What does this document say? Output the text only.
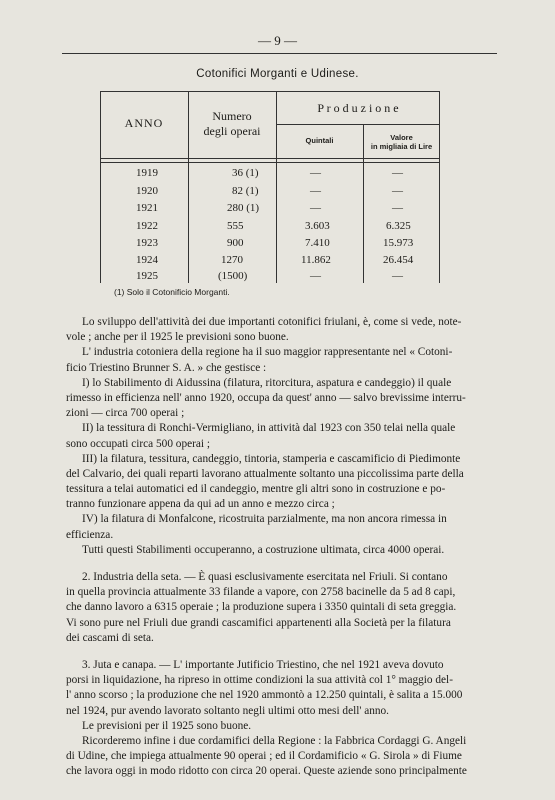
— 9 —
Cotonifici Morganti e Udinese.
ANNO	Numero
degli operai
P r o d u z i o n e
Quintali	Valore
in migliaia di Lire
1919	36 (1)	—	—
1920	82 (1)	—	—
1921	280 (1)	—	—
1922	555	3.603	6.325
1923	900	7.410	15.973
1924	1270	11.862	26.454
1925	(1500)	—	—
(1) Solo il Cotonificio Morganti.
Lo sviluppo dell'attività dei due importanti cotonifici friulani, è, come si vede, note-
vole ; anche per il 1925 le previsioni sono buone.
L' industria cotoniera della regione ha il suo maggior rappresentante nel « Cotoni-
ficio Triestino Brunner S. A. » che gestisce :
I) lo Stabilimento di Aidussina (filatura, ritorcitura, aspatura e candeggio) il quale
rimesso in efficienza nell' anno 1920, occupa da quest' anno — salvo brevissime interru-
zioni — circa 700 operai ;
II) la tessitura di Ronchi-Vermigliano, in attività dal 1923 con 350 telai nella quale
sono occupati circa 500 operai ;
III) la filatura, tessitura, candeggio, tintoria, stamperia e cascamificio di Piedimonte
del Calvario, dei quali reparti lavorano attualmente soltanto una piccolissima parte della
tessitura a telai automatici ed il candeggio, mentre gli altri sono in costruzione e po-
tranno funzionare appena da qui ad un anno e mezzo circa ;
IV) la filatura di Monfalcone, ricostruita parzialmente, ma non ancora rimessa in
efficienza.
Tutti questi Stabilimenti occuperanno, a costruzione ultimata, circa 4000 operai.
2. Industria della seta. — È quasi esclusivamente esercitata nel Friuli. Si contano
in quella provincia attualmente 33 filande a vapore, con 2758 bacinelle da 5 ad 8 capi,
che danno lavoro a 6315 operaie ; la produzione supera i 3350 quintali di seta greggia.
Vi sono pure nel Friuli due grandi cascamifici appartenenti alla Società per la filatura
dei cascami di seta.
3. Juta e canapa. — L' importante Jutificio Triestino, che nel 1921 aveva dovuto
porsi in liquidazione, ha ripreso in ottime condizioni la sua attività col 1° maggio del-
l' anno scorso ; la produzione che nel 1920 ammontò a 12.250 quintali, è salita a 15.000
nel 1924, pur avendo lavorato soltanto negli ultimi otto mesi dell' anno.
Le previsioni per il 1925 sono buone.
Ricorderemo infine i due cordamifici della Regione : la Fabbrica Cordaggi G. Angeli
di Udine, che impiega attualmente 90 operai ; ed il Cordamificio « G. Sirola » di Fiume
che lavora oggi in modo ridotto con circa 20 operai. Queste aziende sono principalmente
